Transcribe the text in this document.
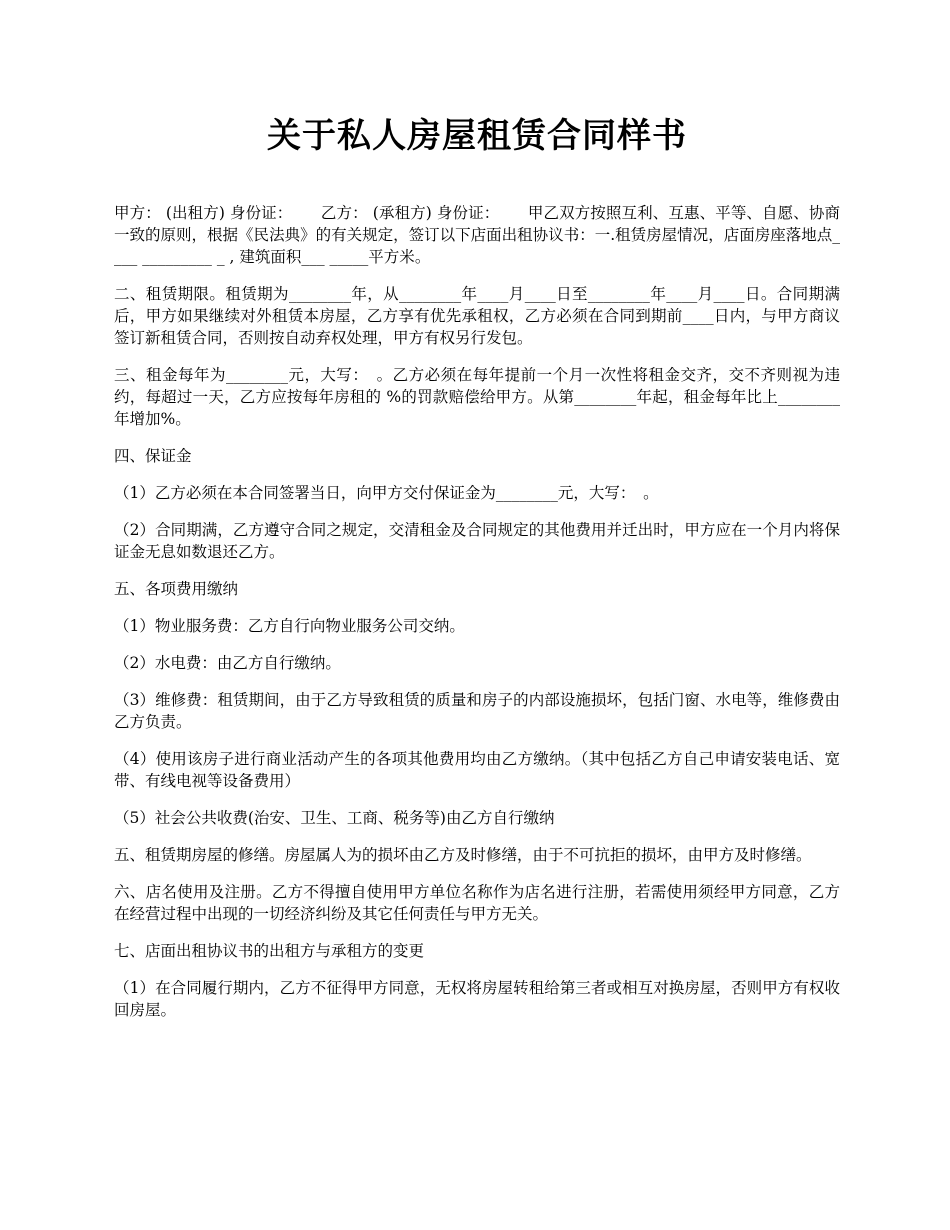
关于私人房屋租赁合同样书

甲方： (出租方) 身份证：　　 乙方： (承租方) 身份证：　　 甲乙双方按照互利、互惠、平等、自愿、协商一致的原则，根据《民法典》的有关规定，签订以下店面出租协议书：一.租赁房屋情况，店面房座落地点____ _________ _ , 建筑面积___ _____平方米。

二、租赁期限。租赁期为________年，从________年____月____日至________年____月____日。合同期满后，甲方如果继续对外租赁本房屋，乙方享有优先承租权，乙方必须在合同到期前____日内，与甲方商议签订新租赁合同，否则按自动弃权处理，甲方有权另行发包。

三、租金每年为________元，大写：　。乙方必须在每年提前一个月一次性将租金交齐，交不齐则视为违约，每超过一天，乙方应按每年房租的 %的罚款赔偿给甲方。从第________年起，租金每年比上________年增加%。

四、保证金

（1）乙方必须在本合同签署当日，向甲方交付保证金为________元，大写：　。

（2）合同期满，乙方遵守合同之规定，交清租金及合同规定的其他费用并迁出时，甲方应在一个月内将保证金无息如数退还乙方。

五、各项费用缴纳

（1）物业服务费：乙方自行向物业服务公司交纳。

（2）水电费：由乙方自行缴纳。

（3）维修费：租赁期间，由于乙方导致租赁的质量和房子的内部设施损坏，包括门窗、水电等，维修费由乙方负责。

（4）使用该房子进行商业活动产生的各项其他费用均由乙方缴纳。（其中包括乙方自己申请安装电话、宽带、有线电视等设备费用）

（5）社会公共收费(治安、卫生、工商、税务等)由乙方自行缴纳

五、租赁期房屋的修缮。房屋属人为的损坏由乙方及时修缮，由于不可抗拒的损坏，由甲方及时修缮。

六、店名使用及注册。乙方不得擅自使用甲方单位名称作为店名进行注册，若需使用须经甲方同意，乙方在经营过程中出现的一切经济纠纷及其它任何责任与甲方无关。

七、店面出租协议书的出租方与承租方的变更

（1）在合同履行期内，乙方不征得甲方同意，无权将房屋转租给第三者或相互对换房屋，否则甲方有权收回房屋。
